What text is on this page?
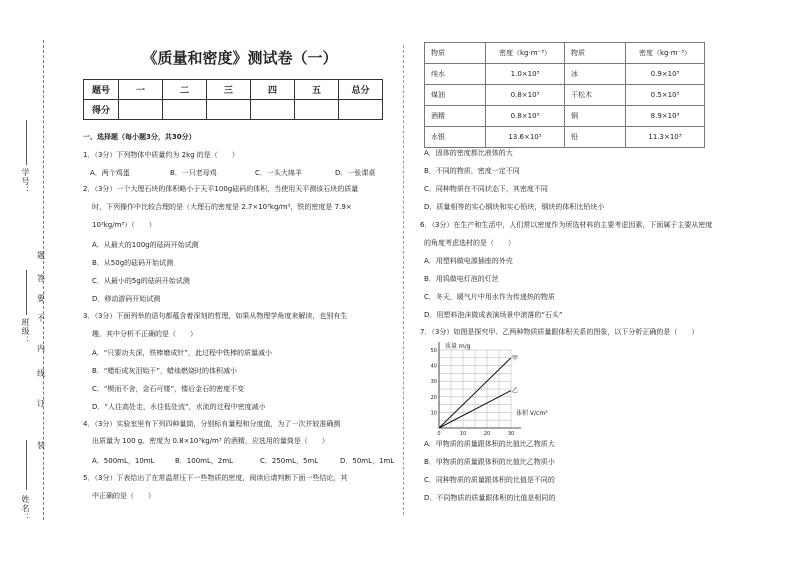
学号：
班级：
姓名：
装
订
线
内
不
要
答
题
《质量和密度》测试卷（一）
题号	一	二	三	四	五	总分
得分						
一、选择题（每小题3分，共30分）
1．（3分）下列物体中质量约为 2kg 的是（　　）
A．两个鸡蛋	B．一只老母鸡	C．一头大绵羊	D．一张课桌
2．（3分）一个大理石块的体积略小于天平100g砝码的体积，当使用天平测该石块的质量
时，下列操作中比较合理的是（大理石的密度是 2.7×10³kg/m³，铁的密度是 7.9×
10³kg/m³）（　　）
A．从最大的100g的砝码开始试测
B．从50g的砝码开始试测
C．从最小的5g的砝码开始试测
D．移动游码开始试测
3．（3分）下面列举的语句都蕴含着深刻的哲理，如果从物理学角度来解读，也别有生
趣，其中分析不正确的是（　　）
A．“只要功夫深，铁棒磨成针”，此过程中铁棒的质量减小
B．“蜡炬成灰泪始干”，蜡烛燃烧时的体积减小
C．“锲而不舍，金石可镂”，镂后金石的密度不变
D．“人往高处走，水往低处流”，水流的过程中密度减小
4．（3分）实验室里有下列四种量筒，分别标有量程和分度值，为了一次并较准确测
出质量为 100 g、密度为 0.8×10³kg/m³ 的酒精，应选用的量筒是（　　）
A．500mL，10mL	B．100mL，2mL	C．250mL，5mL	D．50mL，1mL
5．（3分）下表给出了在常温常压下一些物质的密度，阅读后请判断下面一些结论，其
中正确的是（　　）
物质	密度（kg·m⁻³）	物质	密度（kg·m⁻³）
纯水	1.0×10³	冰	0.9×10³
煤油	0.8×10³	干松木	0.5×10³
酒精	0.8×10³	铜	8.9×10³
水银	13.6×10³	铅	11.3×10³
A．固体的密度都比液体的大
B．不同的物质，密度一定不同
C．同种物质在不同状态下，其密度不同
D．质量相等的实心铜块和实心铅块，铜块的体积比铅块小
6．（3分）在生产和生活中，人们常以密度作为所选材料的主要考虑因素，下面属于主要从密度
的角度考虑选材的是（　　）
A．用塑料做电源插座的外壳
B．用钨做电灯泡的灯丝
C．冬天，暖气片中用水作为传递热的物质
D．用塑料泡沫做成表演场景中滚落的“石头”
7．（3分）如图是探究甲、乙两种物质质量跟体积关系的图象，以下分析正确的是（　　）
0	10	20	30
10
20
30
40
50
甲
乙
质量 m/g
体积 V/cm³
A．甲物质的质量跟体积的比值比乙物质大
B．甲物质的质量跟体积的比值比乙物质小
C．同种物质的质量跟体积的比值是不同的
D．不同物质的质量跟体积的比值是相同的
